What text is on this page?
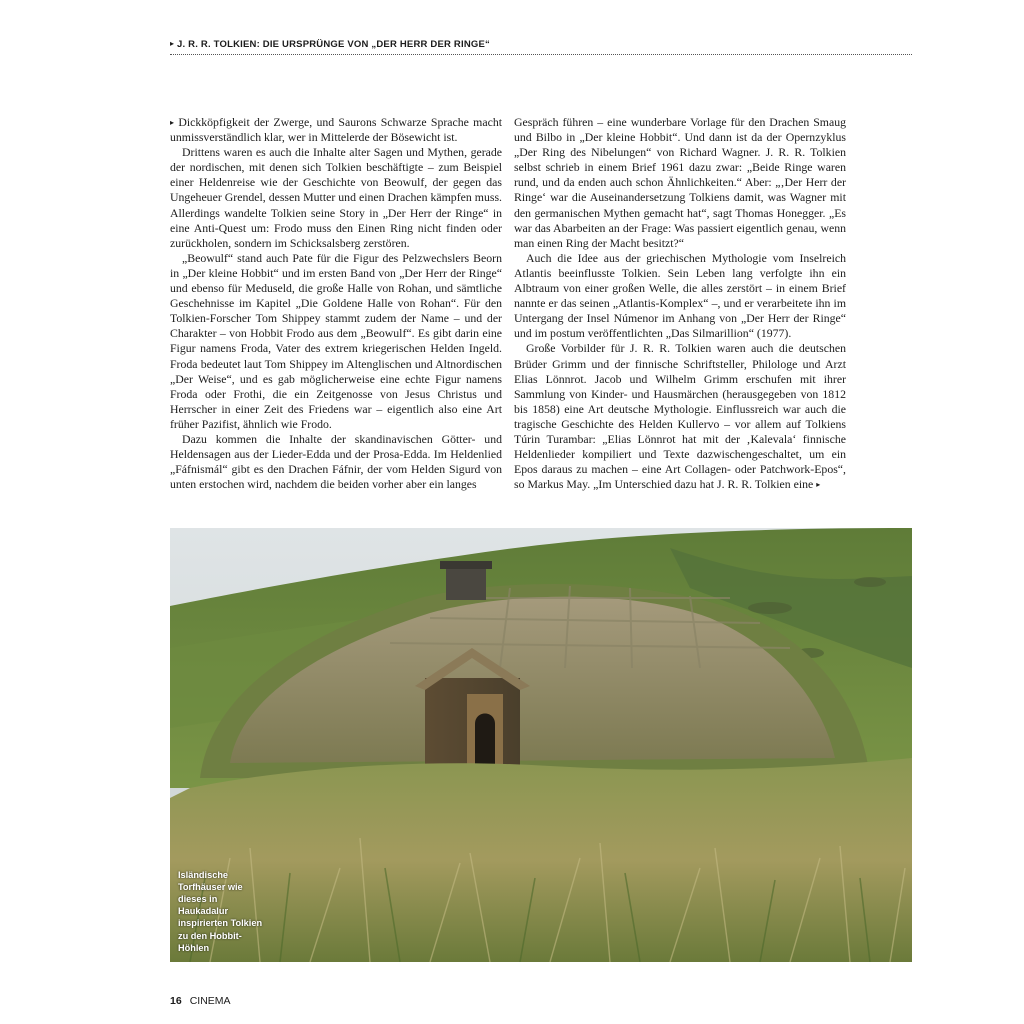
▸ J. R. R. TOLKIEN: DIE URSPRÜNGE VON „DER HERR DER RINGE“

▸ Dickköpfigkeit der Zwerge, und Saurons Schwarze Sprache macht unmissverständlich klar, wer in Mittelerde der Bösewicht ist.

Drittens waren es auch die Inhalte alter Sagen und Mythen, gerade der nordischen, mit denen sich Tolkien beschäftigte – zum Beispiel einer Heldenreise wie der Geschichte von Beowulf, der gegen das Ungeheuer Grendel, dessen Mutter und einen Drachen kämpfen muss. Allerdings wandelte Tolkien seine Story in „Der Herr der Ringe“ in eine Anti-Quest um: Frodo muss den Einen Ring nicht finden oder zurückholen, sondern im Schicksalsberg zerstören.

„Beowulf“ stand auch Pate für die Figur des Pelzwechslers Beorn in „Der kleine Hobbit“ und im ersten Band von „Der Herr der Ringe“ und ebenso für Meduseld, die große Halle von Rohan, und sämtliche Geschehnisse im Kapitel „Die Goldene Halle von Rohan“. Für den Tolkien-Forscher Tom Shippey stammt zudem der Name – und der Charakter – von Hobbit Frodo aus dem „Beowulf“. Es gibt darin eine Figur namens Froda, Vater des extrem kriegerischen Helden Ingeld. Froda bedeutet laut Tom Shippey im Altenglischen und Altnordischen „Der Weise“, und es gab möglicherweise eine echte Figur namens Froda oder Frothi, die ein Zeitgenosse von Jesus Christus und Herrscher in einer Zeit des Friedens war – eigentlich also eine Art früher Pazifist, ähnlich wie Frodo.

Dazu kommen die Inhalte der skandinavischen Götter- und Heldensagen aus der Lieder-Edda und der Prosa-Edda. Im Heldenlied „Fáfnismál“ gibt es den Drachen Fáfnir, der vom Helden Sigurd von unten erstochen wird, nachdem die beiden vorher aber ein langes

Gespräch führen – eine wunderbare Vorlage für den Drachen Smaug und Bilbo in „Der kleine Hobbit“. Und dann ist da der Opernzyklus „Der Ring des Nibelungen“ von Richard Wagner. J. R. R. Tolkien selbst schrieb in einem Brief 1961 dazu zwar: „Beide Ringe waren rund, und da enden auch schon Ähnlichkeiten.“ Aber: „‚Der Herr der Ringe‘ war die Auseinandersetzung Tolkiens damit, was Wagner mit den germanischen Mythen gemacht hat“, sagt Thomas Honegger. „Es war das Abarbeiten an der Frage: Was passiert eigentlich genau, wenn man einen Ring der Macht besitzt?“

Auch die Idee aus der griechischen Mythologie vom Inselreich Atlantis beeinflusste Tolkien. Sein Leben lang verfolgte ihn ein Albtraum von einer großen Welle, die alles zerstört – in einem Brief nannte er das seinen „Atlantis-Komplex“ –, und er verarbeitete ihn im Untergang der Insel Númenor im Anhang von „Der Herr der Ringe“ und im postum veröffentlichten „Das Silmarillion“ (1977).

Große Vorbilder für J. R. R. Tolkien waren auch die deutschen Brüder Grimm und der finnische Schriftsteller, Philologe und Arzt Elias Lönnrot. Jacob und Wilhelm Grimm erschufen mit ihrer Sammlung von Kinder- und Hausmärchen (herausgegeben von 1812 bis 1858) eine Art deutsche Mythologie. Einflussreich war auch die tragische Geschichte des Helden Kullervo – vor allem auf Tolkiens Túrin Turambar: „Elias Lönnrot hat mit der ‚Kalevala‘ finnische Heldenlieder kompiliert und Texte dazwischengeschaltet, um ein Epos daraus zu machen – eine Art Collagen- oder Patchwork-Epos“, so Markus May. „Im Unterschied dazu hat J. R. R. Tolkien eine ▸

Isländische Torfhäuser wie dieses in Haukadalur inspirierten Tolkien zu den Hobbit-Höhlen
16 CINEMA
